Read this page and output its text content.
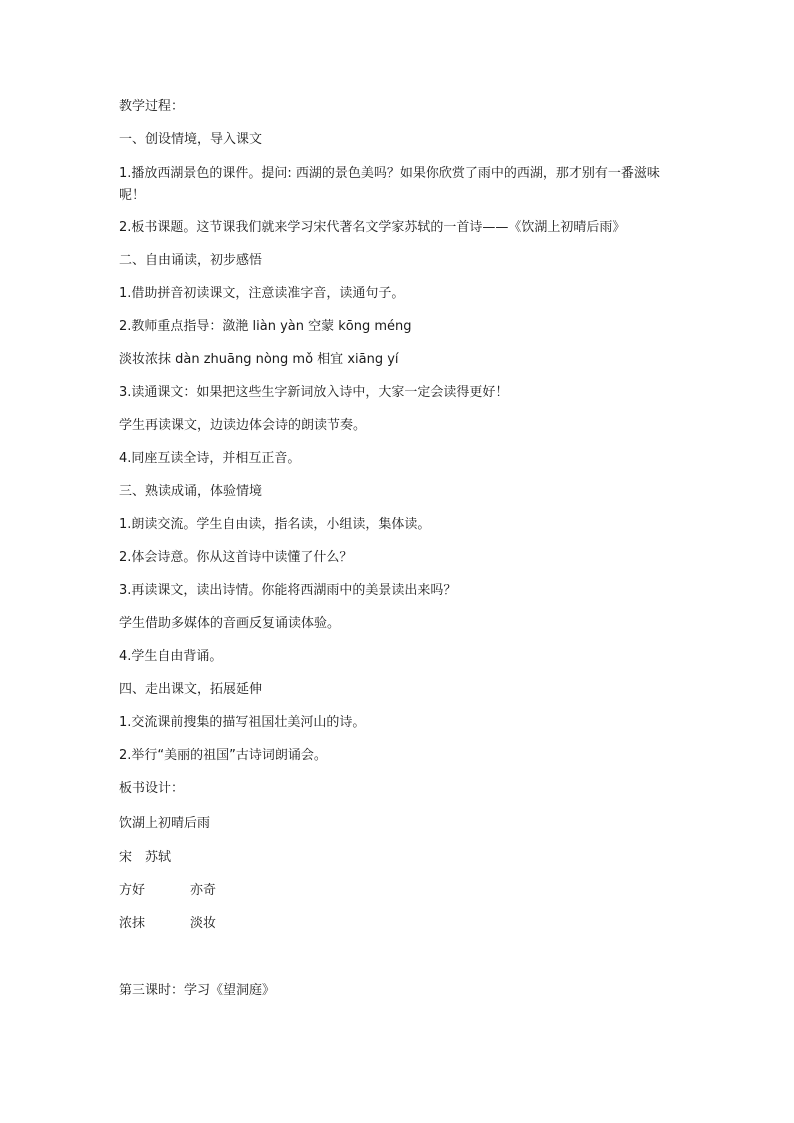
教学过程：
一、创设情境，导入课文
1.播放西湖景色的课件。提问: 西湖的景色美吗？如果你欣赏了雨中的西湖，那才别有一番滋味呢！
2.板书课题。这节课我们就来学习宋代著名文学家苏轼的一首诗——《饮湖上初晴后雨》
二、自由诵读，初步感悟
1.借助拼音初读课文，注意读准字音，读通句子。
2.教师重点指导：潋滟 liàn yàn 空蒙 kōng méng
淡妆浓抹 dàn zhuāng nòng mǒ 相宜 xiāng yí
3.读通课文：如果把这些生字新词放入诗中，大家一定会读得更好！
学生再读课文，边读边体会诗的朗读节奏。
4.同座互读全诗，并相互正音。
三、熟读成诵，体验情境
1.朗读交流。学生自由读，指名读，小组读，集体读。
2.体会诗意。你从这首诗中读懂了什么？
3.再读课文，读出诗情。你能将西湖雨中的美景读出来吗？
学生借助多媒体的音画反复诵读体验。
4.学生自由背诵。
四、走出课文，拓展延伸
1.交流课前搜集的描写祖国壮美河山的诗。
2.举行“美丽的祖国”古诗词朗诵会。
板书设计：
饮湖上初晴后雨
宋　苏轼
方好	亦奇
浓抹	淡妆
第三课时：学习《望洞庭》
